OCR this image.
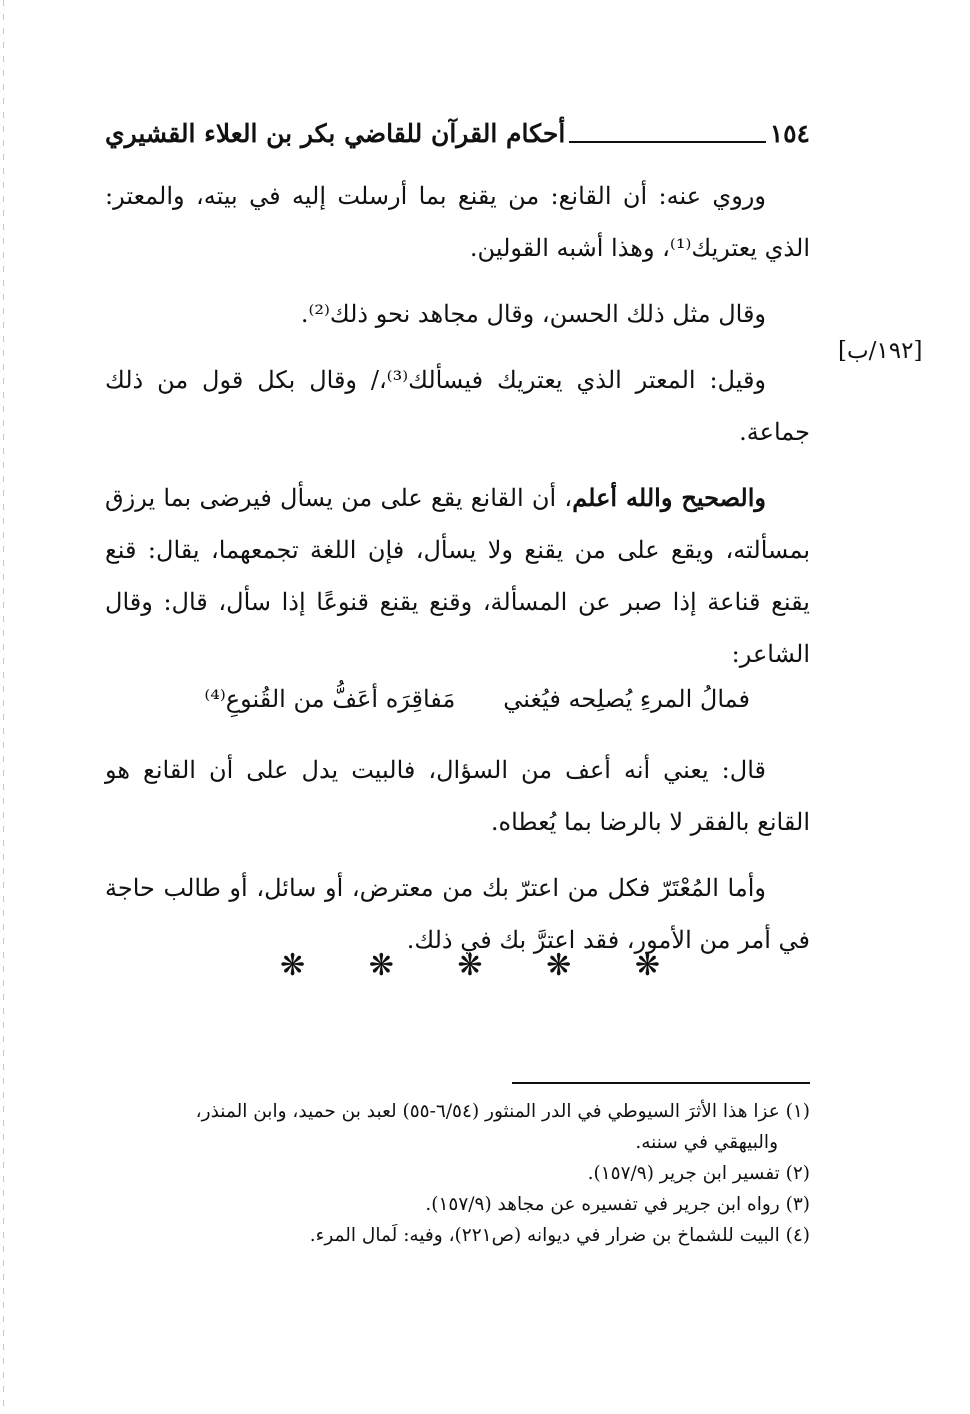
١٥٤
أحكام القرآن للقاضي بكر بن العلاء القشيري
[١٩٢/ب]

وروي عنه: أن القانع: من يقنع بما أرسلت إليه في بيته، والمعتر: الذي يعتريك⁽¹⁾، وهذا أشبه القولين.

وقال مثل ذلك الحسن، وقال مجاهد نحو ذلك⁽²⁾.

وقيل: المعتر الذي يعتريك فيسألك⁽³⁾،/ وقال بكل قول من ذلك جماعة.

والصحيح والله أعلم، أن القانع يقع على من يسأل فيرضى بما يرزق بمسألته، ويقع على من يقنع ولا يسأل، فإن اللغة تجمعهما، يقال: قنع يقنع قناعة إذا صبر عن المسألة، وقنع يقنع قنوعًا إذا سأل، قال: وقال الشاعر:

فمالُ المرءِ يُصلِحه فيُغني
مَفاقِرَه أعَفُّ من القُنوعِ⁽⁴⁾

قال: يعني أنه أعف من السؤال، فالبيت يدل على أن القانع هو القانع بالفقر لا بالرضا بما يُعطاه.

وأما المُعْتَرّ فكل من اعترّ بك من معترض، أو سائل، أو طالب حاجة في أمر من الأمور، فقد اعترَّ بك في ذلك.

❋ ❋ ❋ ❋ ❋

(١) عزا هذا الأثرَ السيوطي في الدر المنثور (٦/٥٤-٥٥) لعبد بن حميد، وابن المنذر،

والبيهقي في سننه.

(٢) تفسير ابن جرير (١٥٧/٩).

(٣) رواه ابن جرير في تفسيره عن مجاهد (١٥٧/٩).

(٤) البيت للشماخ بن ضرار في ديوانه (ص٢٢١)، وفيه: لَمال المرء.
